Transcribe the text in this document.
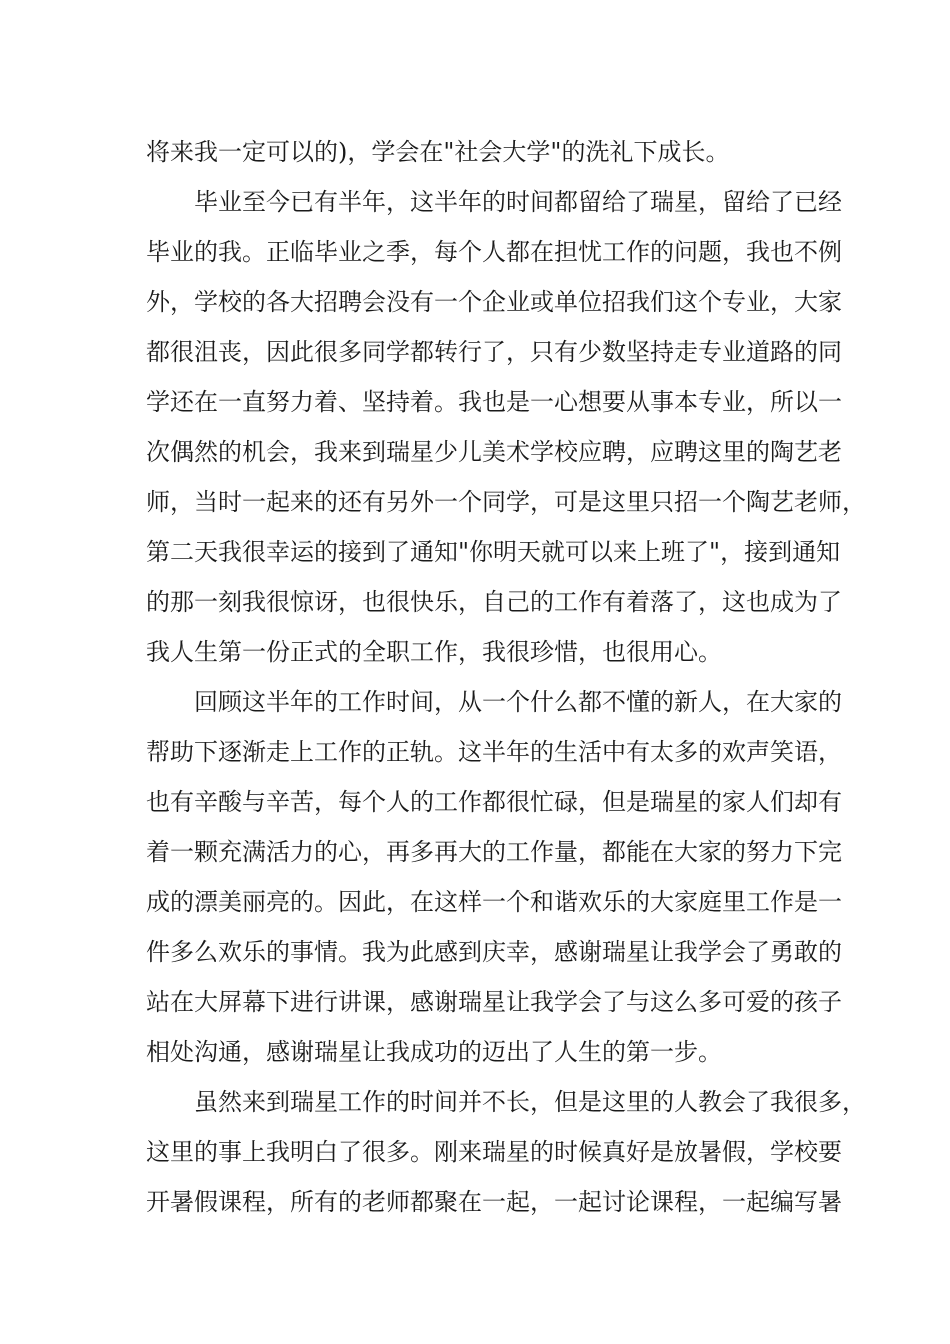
将来我一定可以的)，学会在"社会大学"的洗礼下成长。
毕业至今已有半年，这半年的时间都留给了瑞星，留给了已经
毕业的我。正临毕业之季，每个人都在担忧工作的问题，我也不例
外，学校的各大招聘会没有一个企业或单位招我们这个专业，大家
都很沮丧，因此很多同学都转行了，只有少数坚持走专业道路的同
学还在一直努力着、坚持着。我也是一心想要从事本专业，所以一
次偶然的机会，我来到瑞星少儿美术学校应聘，应聘这里的陶艺老
师，当时一起来的还有另外一个同学，可是这里只招一个陶艺老师，
第二天我很幸运的接到了通知"你明天就可以来上班了"，接到通知
的那一刻我很惊讶，也很快乐，自己的工作有着落了，这也成为了
我人生第一份正式的全职工作，我很珍惜，也很用心。
回顾这半年的工作时间，从一个什么都不懂的新人，在大家的
帮助下逐渐走上工作的正轨。这半年的生活中有太多的欢声笑语，
也有辛酸与辛苦，每个人的工作都很忙碌，但是瑞星的家人们却有
着一颗充满活力的心，再多再大的工作量，都能在大家的努力下完
成的漂美丽亮的。因此，在这样一个和谐欢乐的大家庭里工作是一
件多么欢乐的事情。我为此感到庆幸，感谢瑞星让我学会了勇敢的
站在大屏幕下进行讲课，感谢瑞星让我学会了与这么多可爱的孩子
相处沟通，感谢瑞星让我成功的迈出了人生的第一步。
虽然来到瑞星工作的时间并不长，但是这里的人教会了我很多，
这里的事上我明白了很多。刚来瑞星的时候真好是放暑假，学校要
开暑假课程，所有的老师都聚在一起，一起讨论课程，一起编写暑
